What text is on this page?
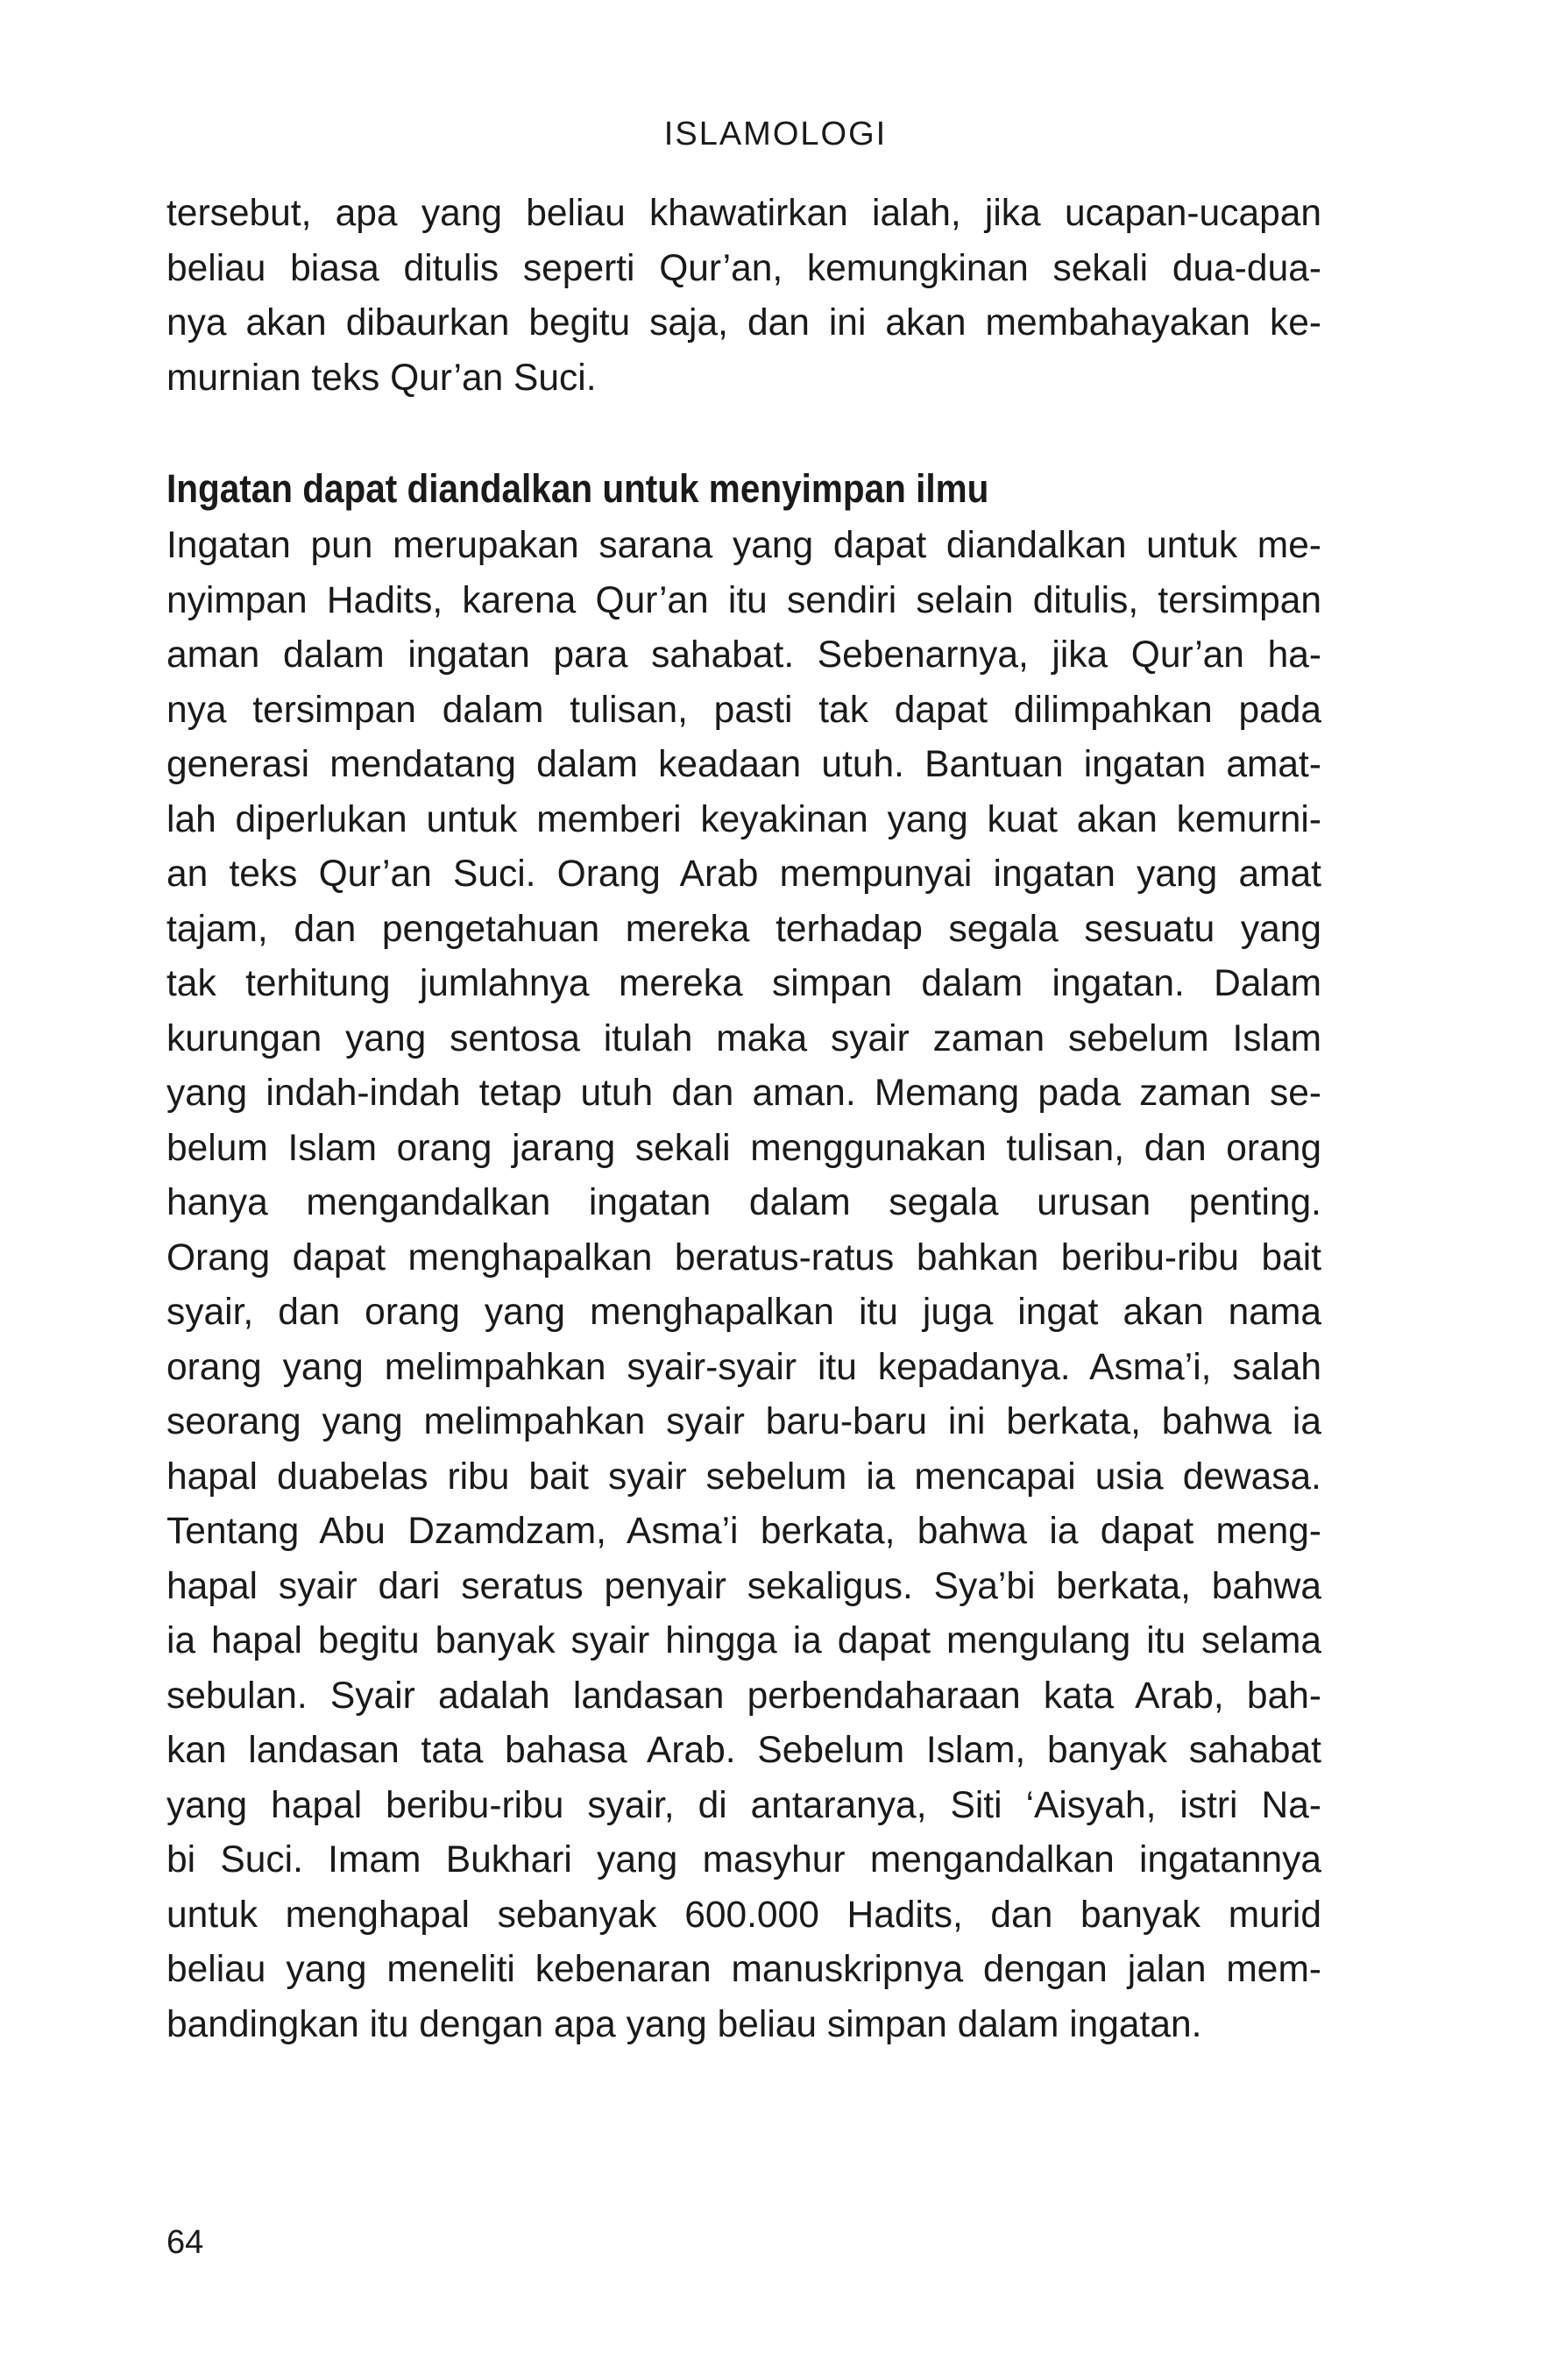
ISLAMOLOGI
tersebut, apa yang beliau khawatirkan ialah, jika ucapan-ucapan
beliau biasa ditulis seperti Qur’an, kemungkinan sekali dua-dua-
nya akan dibaurkan begitu saja, dan ini akan membahayakan ke-
murnian teks Qur’an Suci.
Ingatan dapat diandalkan untuk menyimpan ilmu
Ingatan pun merupakan sarana yang dapat diandalkan untuk me-
nyimpan Hadits, karena Qur’an itu sendiri selain ditulis, tersimpan
aman dalam ingatan para sahabat. Sebenarnya, jika Qur’an ha-
nya tersimpan dalam tulisan, pasti tak dapat dilimpahkan pada
generasi mendatang dalam keadaan utuh. Bantuan ingatan amat-
lah diperlukan untuk memberi keyakinan yang kuat akan kemurni-
an teks Qur’an Suci. Orang Arab mempunyai ingatan yang amat
tajam, dan pengetahuan mereka terhadap segala sesuatu yang
tak terhitung jumlahnya mereka simpan dalam ingatan. Dalam
kurungan yang sentosa itulah maka syair zaman sebelum Islam
yang indah-indah tetap utuh dan aman. Memang pada zaman se-
belum Islam orang jarang sekali menggunakan tulisan, dan orang
hanya mengandalkan ingatan dalam segala urusan penting.
Orang dapat menghapalkan beratus-ratus bahkan beribu-ribu bait
syair, dan orang yang menghapalkan itu juga ingat akan nama
orang yang melimpahkan syair-syair itu kepadanya. Asma’i, salah
seorang yang melimpahkan syair baru-baru ini berkata, bahwa ia
hapal duabelas ribu bait syair sebelum ia mencapai usia dewasa.
Tentang Abu Dzamdzam, Asma’i berkata, bahwa ia dapat meng-
hapal syair dari seratus penyair sekaligus. Sya’bi berkata, bahwa
ia hapal begitu banyak syair hingga ia dapat mengulang itu selama
sebulan. Syair adalah landasan perbendaharaan kata Arab, bah-
kan landasan tata bahasa Arab. Sebelum Islam, banyak sahabat
yang hapal beribu-ribu syair, di antaranya, Siti ‘Aisyah, istri Na-
bi Suci. Imam Bukhari yang masyhur mengandalkan ingatannya
untuk menghapal sebanyak 600.000 Hadits, dan banyak murid
beliau yang meneliti kebenaran manuskripnya dengan jalan mem-
bandingkan itu dengan apa yang beliau simpan dalam ingatan.
64
